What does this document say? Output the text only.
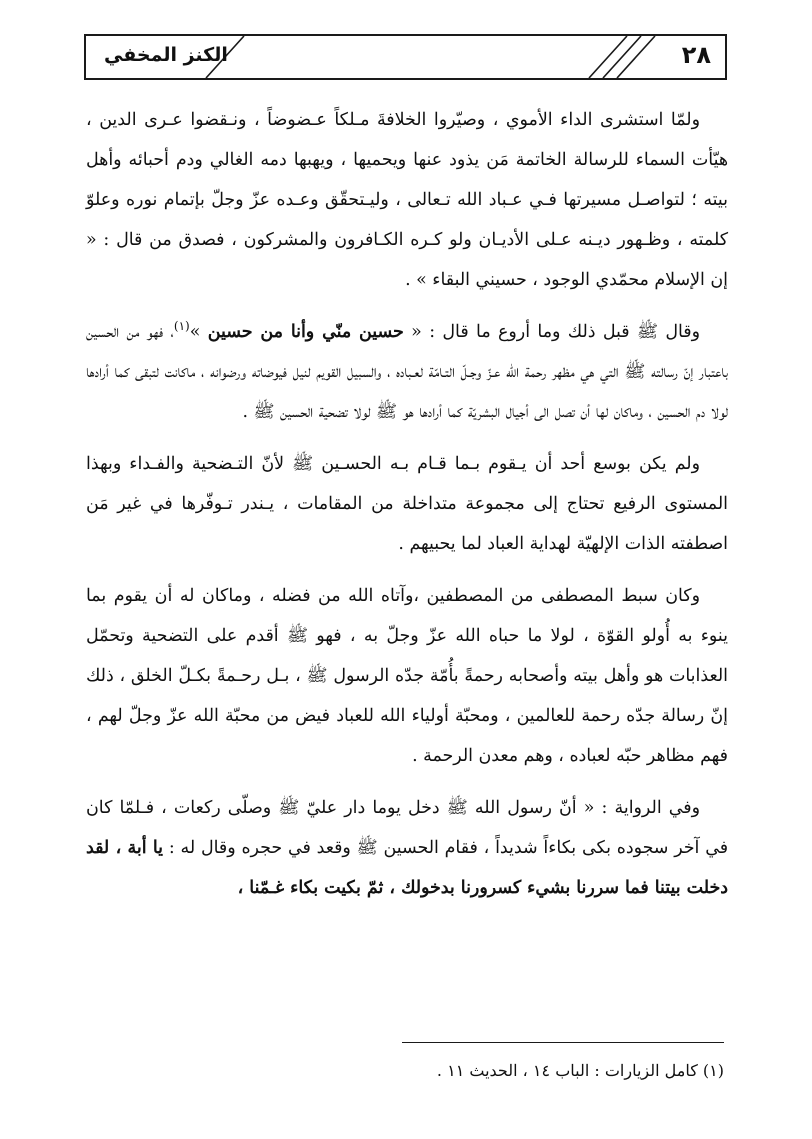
٢٨
الكنز المخفي

ولمّا استشرى الداء الأموي ، وصيّروا الخلافةَ مـلكاً عـضوضاً ، ونـقضوا عـرى الدين ، هيّأت السماء للرسالة الخاتمة مَن يذود عنها ويحميها ، ويهبها دمه الغالي ودم أحبائه وأهل بيته ؛ لتواصـل مسيرتها فـي عـباد الله تـعالى ، وليـتحقّق وعـده عزّ وجلّ بإتمام نوره وعلوّ كلمته ، وظـهور ديـنه عـلى الأديـان ولو كـره الكـافرون والمشركون ، فصدق من قال : « إن الإسلام محمّدي الوجود ، حسيني البقاء » .

وقال ﷺ قبل ذلك وما أروع ما قال : « حسين منّي وأنا من حسين »$^{(١)}$، فهو من الحسين باعتبار إنّ رسالته ﷺ التي هي مظهر رحمة الله عـزّ وجـلّ التـامّة لعـباده ، والسبيل القويم لنيل فيوضاته ورضوانه ، ماكانت لتبقى كما أرادها لولا دم الحسين ، وماكان لها أن تصل الى أجيال البشريّة كما أرادها هو ﷺ لولا تضحية الحسين ﷺ .

ولم يكن بوسع أحد أن يـقوم بـما قـام بـه الحسـين ﷺ لأنّ التـضحية والفـداء وبهذا المستوى الرفيع تحتاج إلى مجموعة متداخلة من المقامات ، يـندر تـوفّرها في غير مَن اصطفته الذات الإلهيّة لهداية العباد لما يحبيهم .

وكان سبط المصطفى من المصطفين ،وآتاه الله من فضله ، وماكان له أن يقوم بما ينوء به أُولو القوّة ، لولا ما حباه الله عزّ وجلّ به ، فهو ﷺ أقدم على التضحية وتحمّل العذابات هو وأهل بيته وأصحابه رحمةً بأُمّة جدّه الرسول ﷺ ، بـل رحـمةً بكـلّ الخلق ، ذلك إنّ رسالة جدّه رحمة للعالمين ، ومحبّة أولياء الله للعباد فيض من محبّة الله عزّ وجلّ لهم ، فهم مظاهر حبّه لعباده ، وهم معدن الرحمة .

وفي الرواية : « أنّ رسول الله ﷺ دخل يوما دار عليّ ﷺ وصلّى ركعات ، فـلمّا كان في آخر سجوده بكى بكاءاً شديداً ، فقام الحسين ﷺ وقعد في حجره وقال له : يا أبة ، لقد دخلت بيتنا فما سررنا بشيء كسرورنا بدخولك ، ثمّ بكيت بكاء غـمّنا ،

(١) كامل الزيارات : الباب ١٤ ، الحديث ١١ .
